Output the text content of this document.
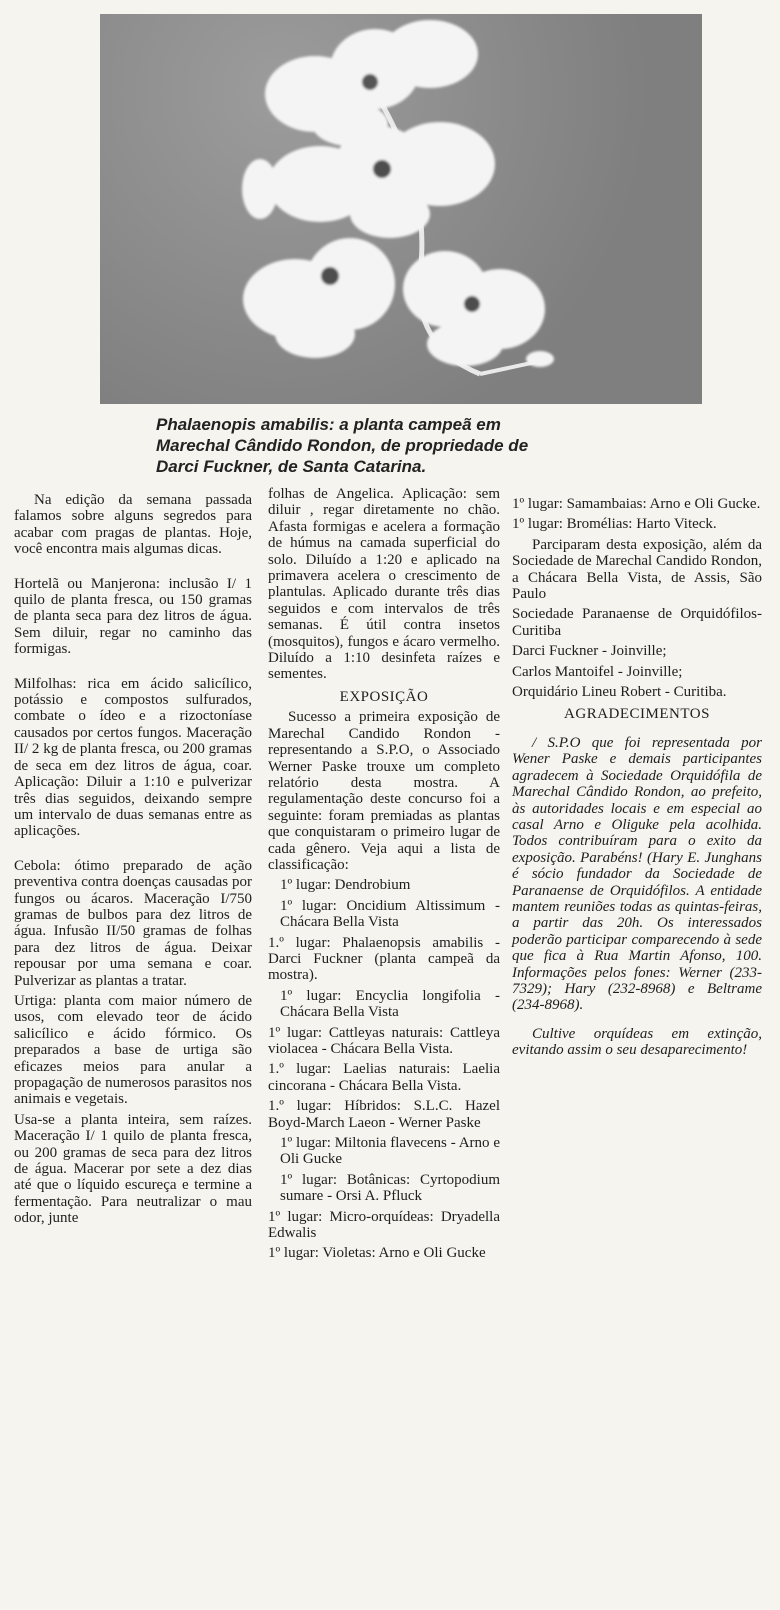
Phalaenopis amabilis: a planta campeã em
Marechal Cândido Rondon, de propriedade de
Darci Fuckner, de Santa Catarina.

Na edição da semana passada falamos sobre alguns segredos para acabar com pragas de plantas. Hoje, você encontra mais algumas dicas.

Hortelã ou Manjerona: inclusão I/ 1 quilo de planta fresca, ou 150 gramas de planta seca para dez litros de água. Sem diluir, regar no caminho das formigas.

Milfolhas: rica em ácido salicílico, potássio e compostos sulfurados, combate o ídeo e a rizoctoníase causados por certos fungos. Maceração II/ 2 kg de planta fresca, ou 200 gramas de seca em dez litros de água, coar. Aplicação: Diluir a 1:10 e pulverizar três dias seguidos, deixando sempre um intervalo de duas semanas entre as aplicações.

Cebola: ótimo preparado de ação preventiva contra doenças causadas por fungos ou ácaros. Maceração I/750 gramas de bulbos para dez litros de água. Infusão II/50 gramas de folhas para dez litros de água. Deixar repousar por uma semana e coar. Pulverizar as plantas a tratar.

Urtiga: planta com maior número de usos, com elevado teor de ácido salicílico e ácido fórmico. Os preparados a base de urtiga são eficazes meios para anular a propagação de numerosos parasitos nos animais e vegetais.

Usa-se a planta inteira, sem raízes. Maceração I/ 1 quilo de planta fresca, ou 200 gramas de seca para dez litros de água. Macerar por sete a dez dias até que o líquido escureça e termine a fermentação. Para neutralizar o mau odor, junte

folhas de Angelica. Aplicação: sem diluir , regar diretamente no chão. Afasta formigas e acelera a formação de húmus na camada superficial do solo. Diluído a 1:20 e aplicado na primavera acelera o crescimento de plantulas. Aplicado durante três dias seguidos e com intervalos de três semanas. É útil contra insetos (mosquitos), fungos e ácaro vermelho. Diluído a 1:10 desinfeta raízes e sementes.

EXPOSIÇÃO

Sucesso a primeira exposição de Marechal Candido Rondon - representando a S.P.O, o Associado Werner Paske trouxe um completo relatório desta mostra. A regulamentação deste concurso foi a seguinte: foram premiadas as plantas que conquistaram o primeiro lugar de cada gênero. Veja aqui a lista de classificação:

1º lugar: Dendrobium

1º lugar: Oncidium Altissimum - Chácara Bella Vista

1.º lugar: Phalaenopsis amabilis - Darci Fuckner (planta campeã da mostra).

1º lugar: Encyclia longifolia - Chácara Bella Vista

1º lugar: Cattleyas naturais: Cattleya violacea - Chácara Bella Vista.

1.º lugar: Laelias naturais: Laelia cincorana - Chácara Bella Vista.

1.º lugar: Híbridos: S.L.C. Hazel Boyd-March Laeon - Werner Paske

1º lugar: Miltonia flavecens - Arno e Oli Gucke

1º lugar: Botânicas: Cyrtopodium sumare - Orsi A. Pfluck

1º lugar: Micro-orquídeas: Dryadella Edwalis

1º lugar: Violetas: Arno e Oli Gucke

1º lugar: Samambaias: Arno e Oli Gucke.

1º lugar: Bromélias: Harto Viteck.

Parciparam desta exposição, além da Sociedade de Marechal Candido Rondon, a Chácara Bella Vista, de Assis, São Paulo

Sociedade Paranaense de Orquidófilos-Curitiba

Darci Fuckner - Joinville;

Carlos Mantoifel - Joinville;

Orquidário Lineu Robert - Curitiba.

AGRADECIMENTOS

/ S.P.O que foi representada por Wener Paske e demais participantes agradecem à Sociedade Orquidófila de Marechal Cândido Rondon, ao prefeito, às autoridades locais e em especial ao casal Arno e Oliguke pela acolhida. Todos contribuíram para o exito da exposição. Parabéns! (Hary E. Junghans é sócio fundador da Sociedade de Paranaense de Orquidófilos. A entidade mantem reuniões todas as quintas-feiras, a partir das 20h. Os interessados poderão participar comparecendo à sede que fica à Rua Martin Afonso, 100. Informações pelos fones: Werner (233-7329); Hary (232-8968) e Beltrame (234-8968).

Cultive orquídeas em extinção, evitando assim o seu desaparecimento!
